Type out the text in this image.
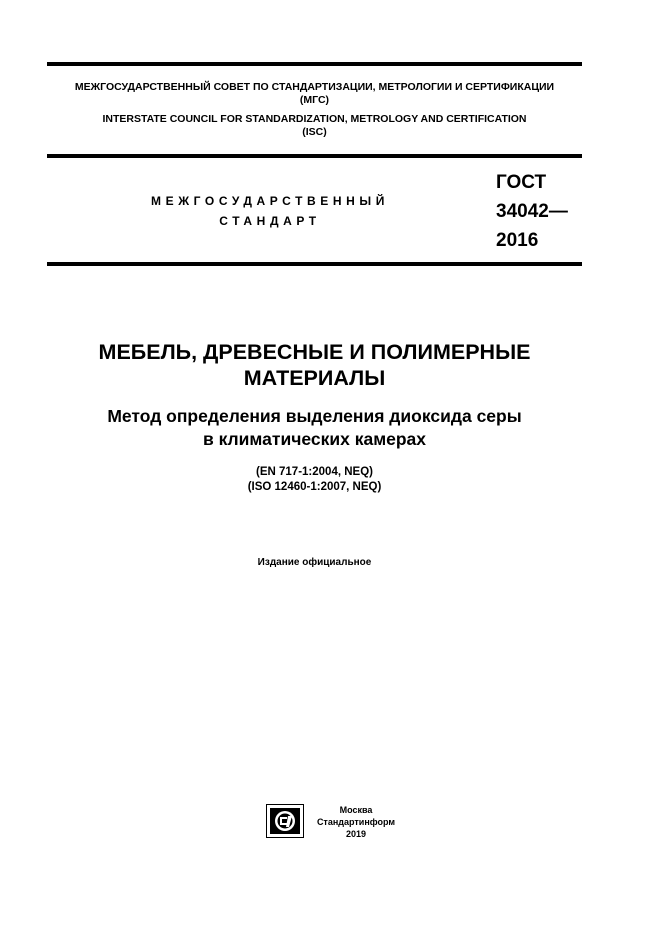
МЕЖГОСУДАРСТВЕННЫЙ СОВЕТ ПО СТАНДАРТИЗАЦИИ, МЕТРОЛОГИИ И СЕРТИФИКАЦИИ
(МГС)
INTERSTATE COUNCIL FOR STANDARDIZATION, METROLOGY AND CERTIFICATION
(ISC)
МЕЖГОСУДАРСТВЕННЫЙ
СТАНДАРТ
ГОСТ
34042—
2016
МЕБЕЛЬ, ДРЕВЕСНЫЕ И ПОЛИМЕРНЫЕ
МАТЕРИАЛЫ
Метод определения выделения диоксида серы
в климатических камерах
(EN 717-1:2004, NEQ)
(ISO 12460-1:2007, NEQ)
Издание официальное
Москва
Стандартинформ
2019
